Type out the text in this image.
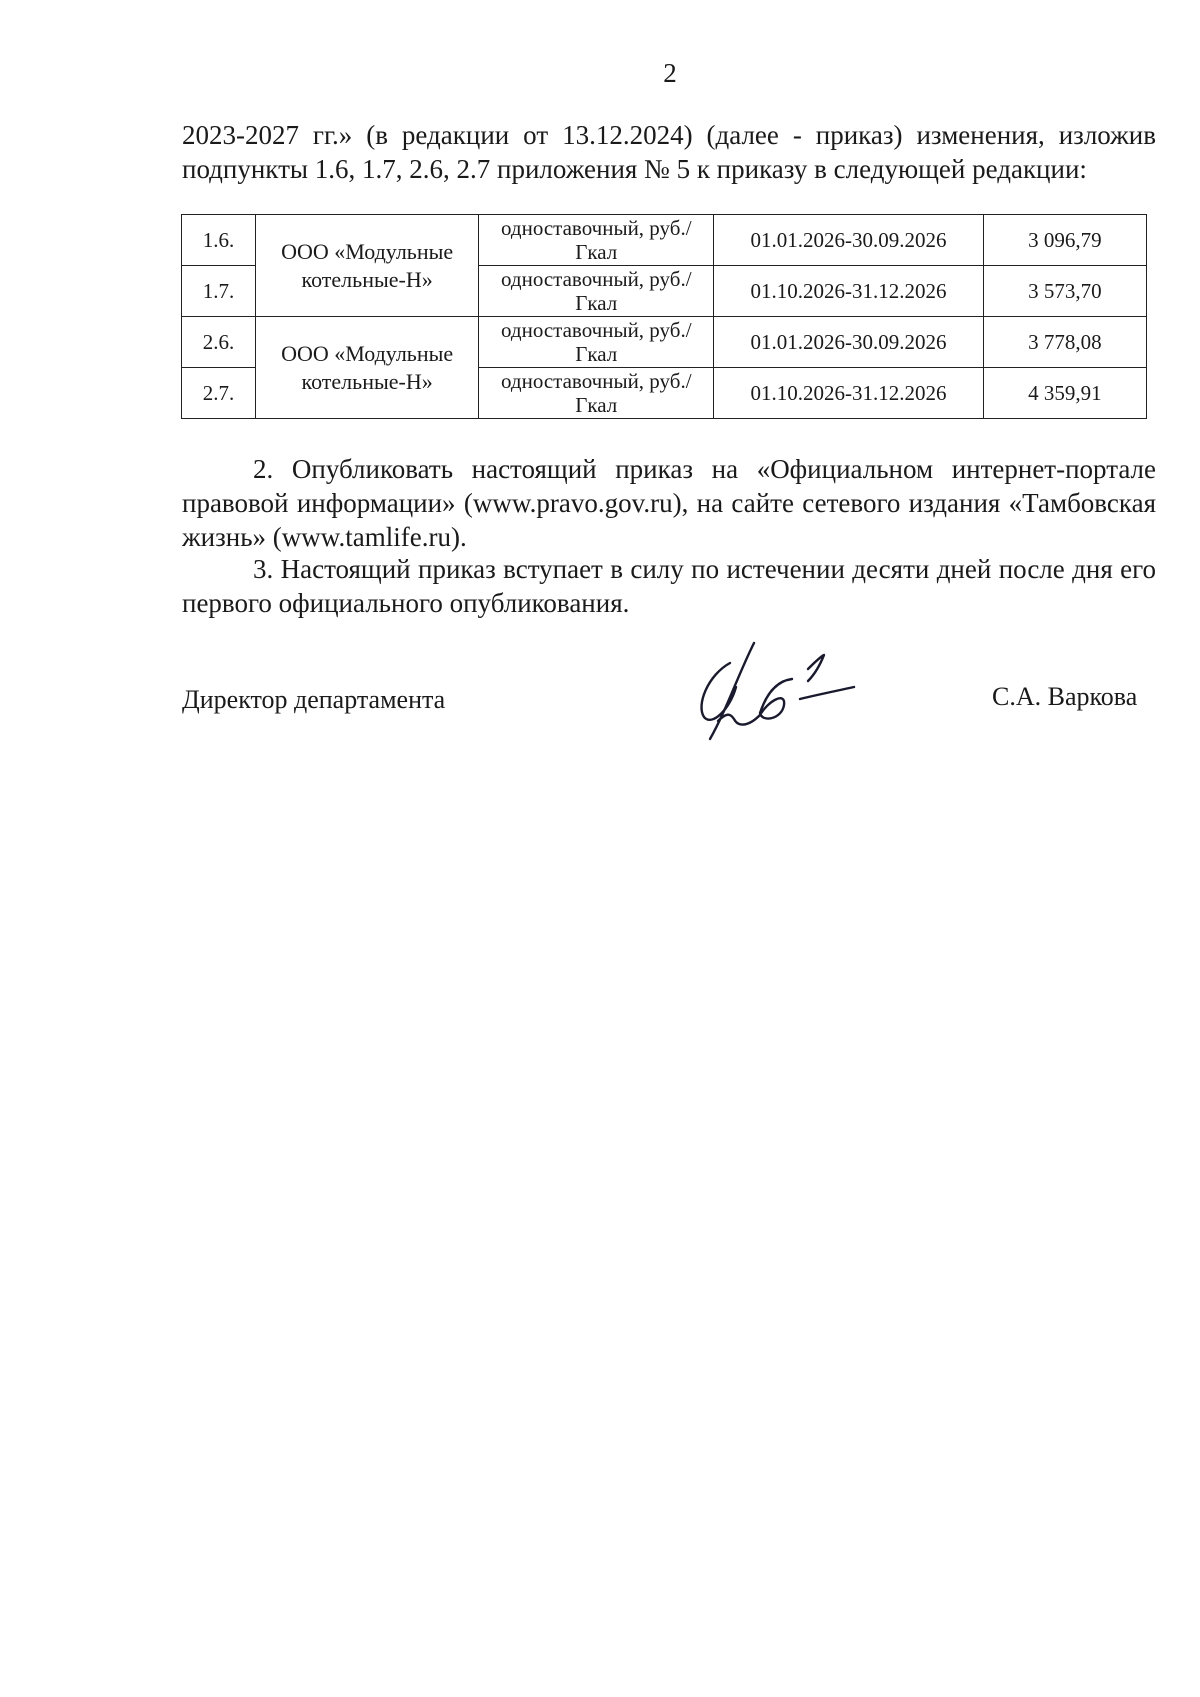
2
2023-2027 гг.» (в редакции от 13.12.2024) (далее - приказ) изменения, изложив подпункты 1.6, 1.7, 2.6, 2.7 приложения № 5 к приказу в следующей редакции:
1.6.	ООО «Модульные котельные-Н»	одноставочный, руб./Гкал	01.01.2026-30.09.2026	3 096,79
1.7.		одноставочный, руб./Гкал	01.10.2026-31.12.2026	3 573,70
2.6.	ООО «Модульные котельные-Н»	одноставочный, руб./Гкал	01.01.2026-30.09.2026	3 778,08
2.7.		одноставочный, руб./Гкал	01.10.2026-31.12.2026	4 359,91
2. Опубликовать настоящий приказ на «Официальном интернет-портале правовой информации» (www.pravo.gov.ru), на сайте сетевого издания «Тамбовская жизнь» (www.tamlife.ru).
3. Настоящий приказ вступает в силу по истечении десяти дней после дня его первого официального опубликования.
Директор департамента	С.А. Варкова
